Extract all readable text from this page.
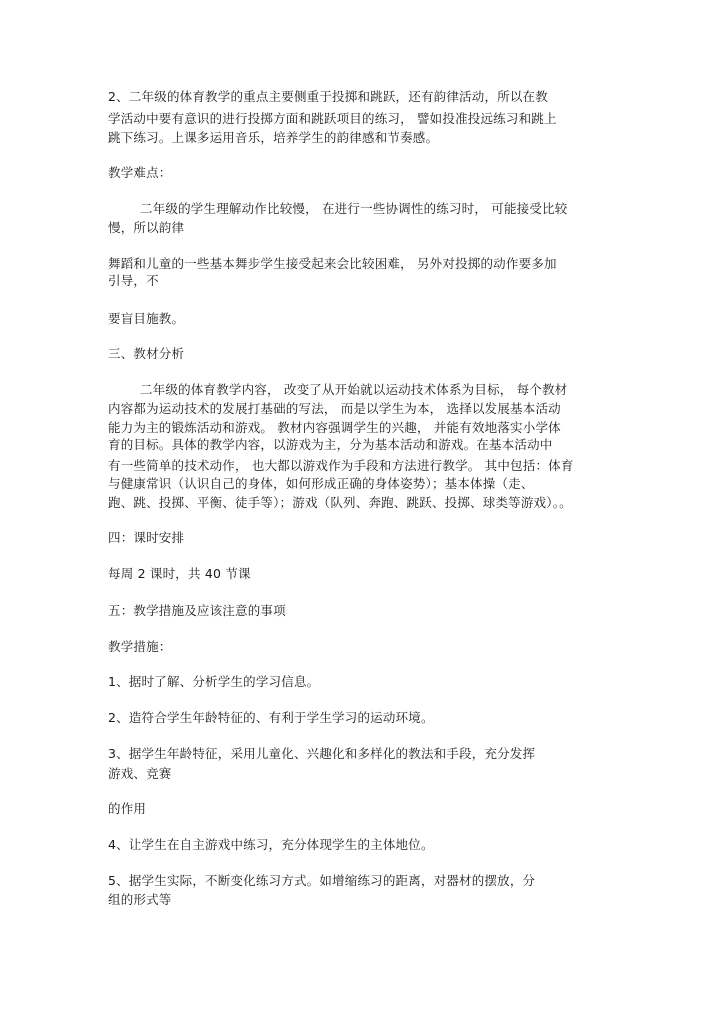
2、二年级的体育教学的重点主要侧重于投掷和跳跃，还有韵律活动，所以在教
学活动中要有意识的进行投掷方面和跳跃项目的练习， 譬如投准投远练习和跳上
跳下练习。上课多运用音乐，培养学生的韵律感和节奏感。
教学难点：
二年级的学生理解动作比较慢， 在进行一些协调性的练习时， 可能接受比较
慢，所以韵律
舞蹈和儿童的一些基本舞步学生接受起来会比较困难， 另外对投掷的动作要多加
引导，不
要盲目施教。
三、教材分析
二年级的体育教学内容， 改变了从开始就以运动技术体系为目标， 每个教材
内容都为运动技术的发展打基础的写法， 而是以学生为本， 选择以发展基本活动
能力为主的锻炼活动和游戏。 教材内容强调学生的兴趣， 并能有效地落实小学体
育的目标。具体的教学内容，以游戏为主，分为基本活动和游戏。在基本活动中
有一些简单的技术动作， 也大都以游戏作为手段和方法进行教学。 其中包括：体育
与健康常识（认识自己的身体，如何形成正确的身体姿势）；基本体操（走、
跑、跳、投掷、平衡、徒手等）；游戏（队列、奔跑、跳跃、投掷、球类等游戏）。。
四：课时安排
每周 2 课时，共 40 节课
五：教学措施及应该注意的事项
教学措施：
1、据时了解、分析学生的学习信息。
2、造符合学生年龄特征的、有利于学生学习的运动环境。
3、据学生年龄特征，采用儿童化、兴趣化和多样化的教法和手段，充分发挥
游戏、竞赛
的作用
4、让学生在自主游戏中练习，充分体现学生的主体地位。
5、据学生实际，不断变化练习方式。如增缩练习的距离，对器材的摆放，分
组的形式等
